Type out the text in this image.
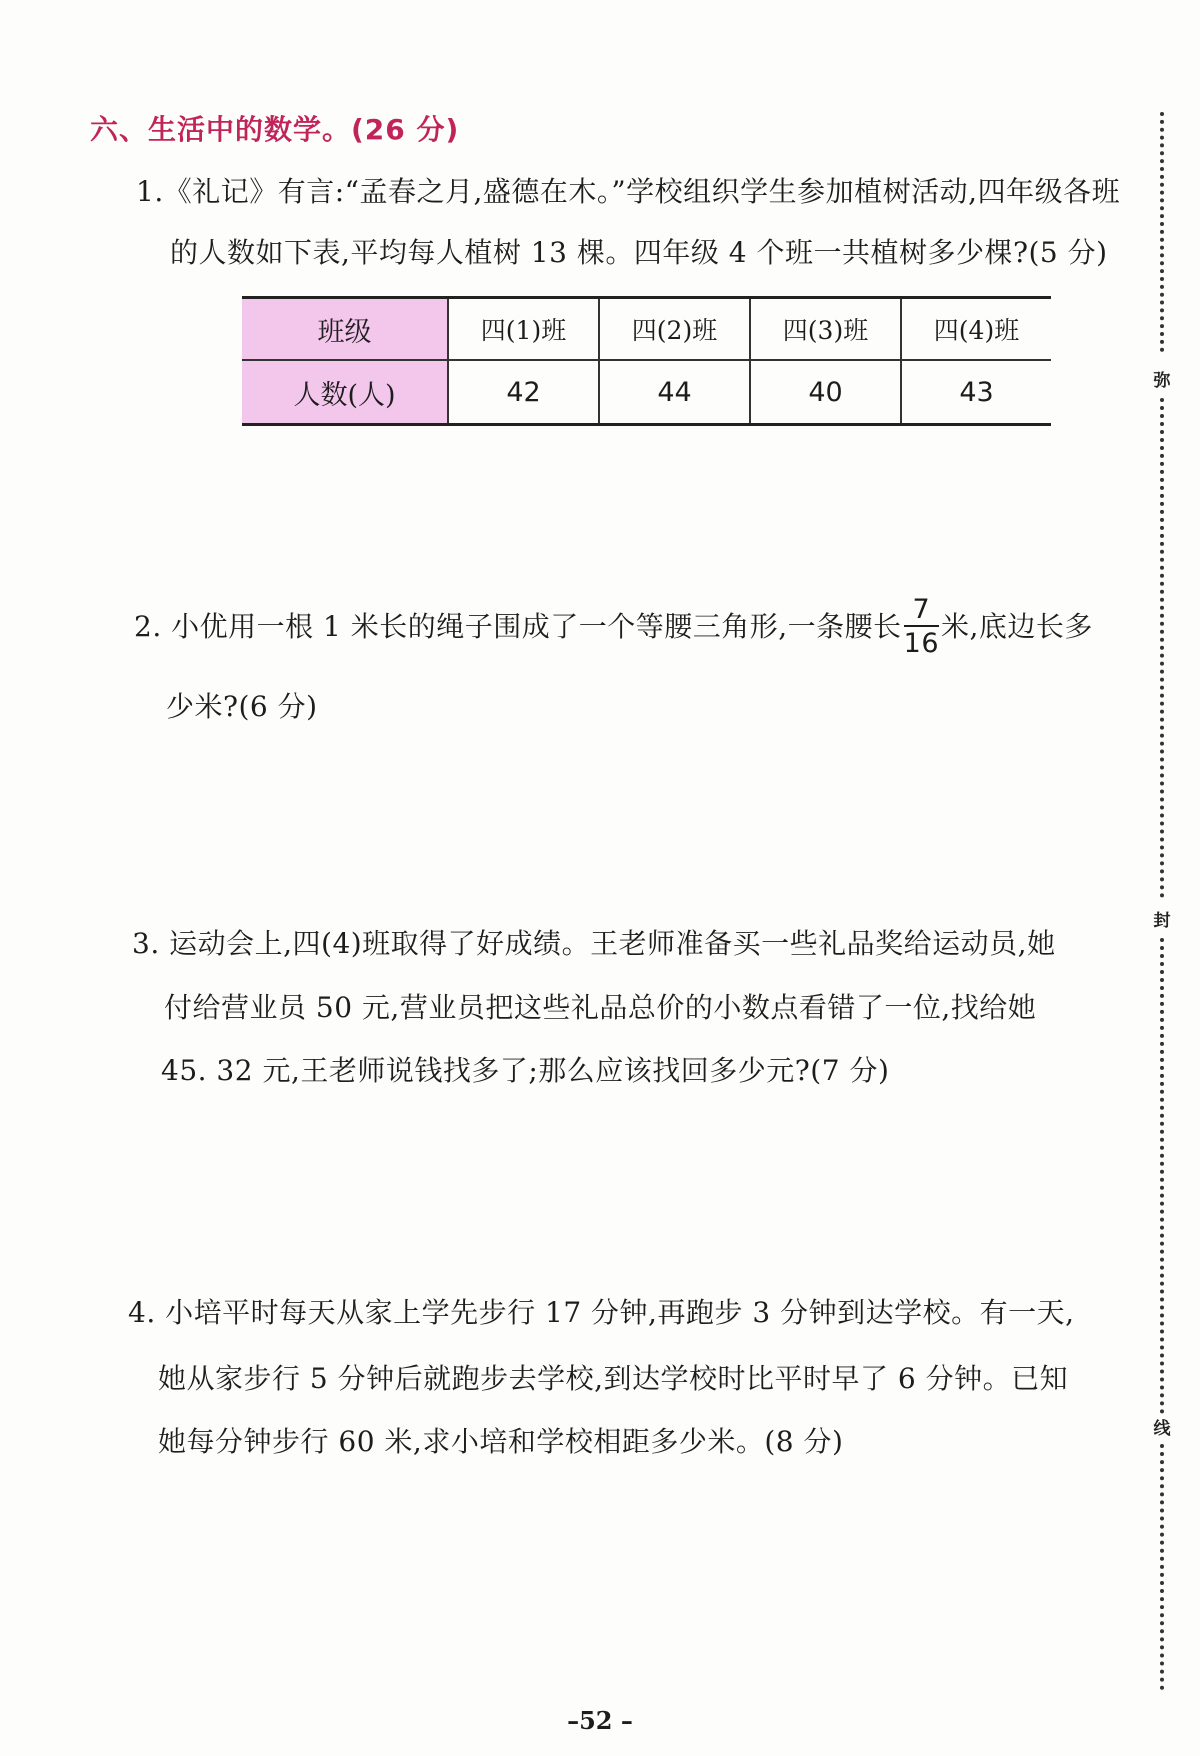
六、生活中的数学。(26 分)
1.《礼记》有言:“孟春之月,盛德在木。”学校组织学生参加植树活动,四年级各班
的人数如下表,平均每人植树 13 棵。四年级 4 个班一共植树多少棵?(5 分)
班级	四(1)班	四(2)班	四(3)班	四(4)班
人数(人)	42	44	40	43
2. 小优用一根 1 米长的绳子围成了一个等腰三角形,一条腰长 $\frac{7}{16}$ 米,底边长多
少米?(6 分)
3. 运动会上,四(4)班取得了好成绩。王老师准备买一些礼品奖给运动员,她
付给营业员 50 元,营业员把这些礼品总价的小数点看错了一位,找给她
45. 32 元,王老师说钱找多了;那么应该找回多少元?(7 分)
4. 小培平时每天从家上学先步行 17 分钟,再跑步 3 分钟到达学校。有一天,
她从家步行 5 分钟后就跑步去学校,到达学校时比平时早了 6 分钟。已知
她每分钟步行 60 米,求小培和学校相距多少米。(8 分)
弥
封
线
–52 –
